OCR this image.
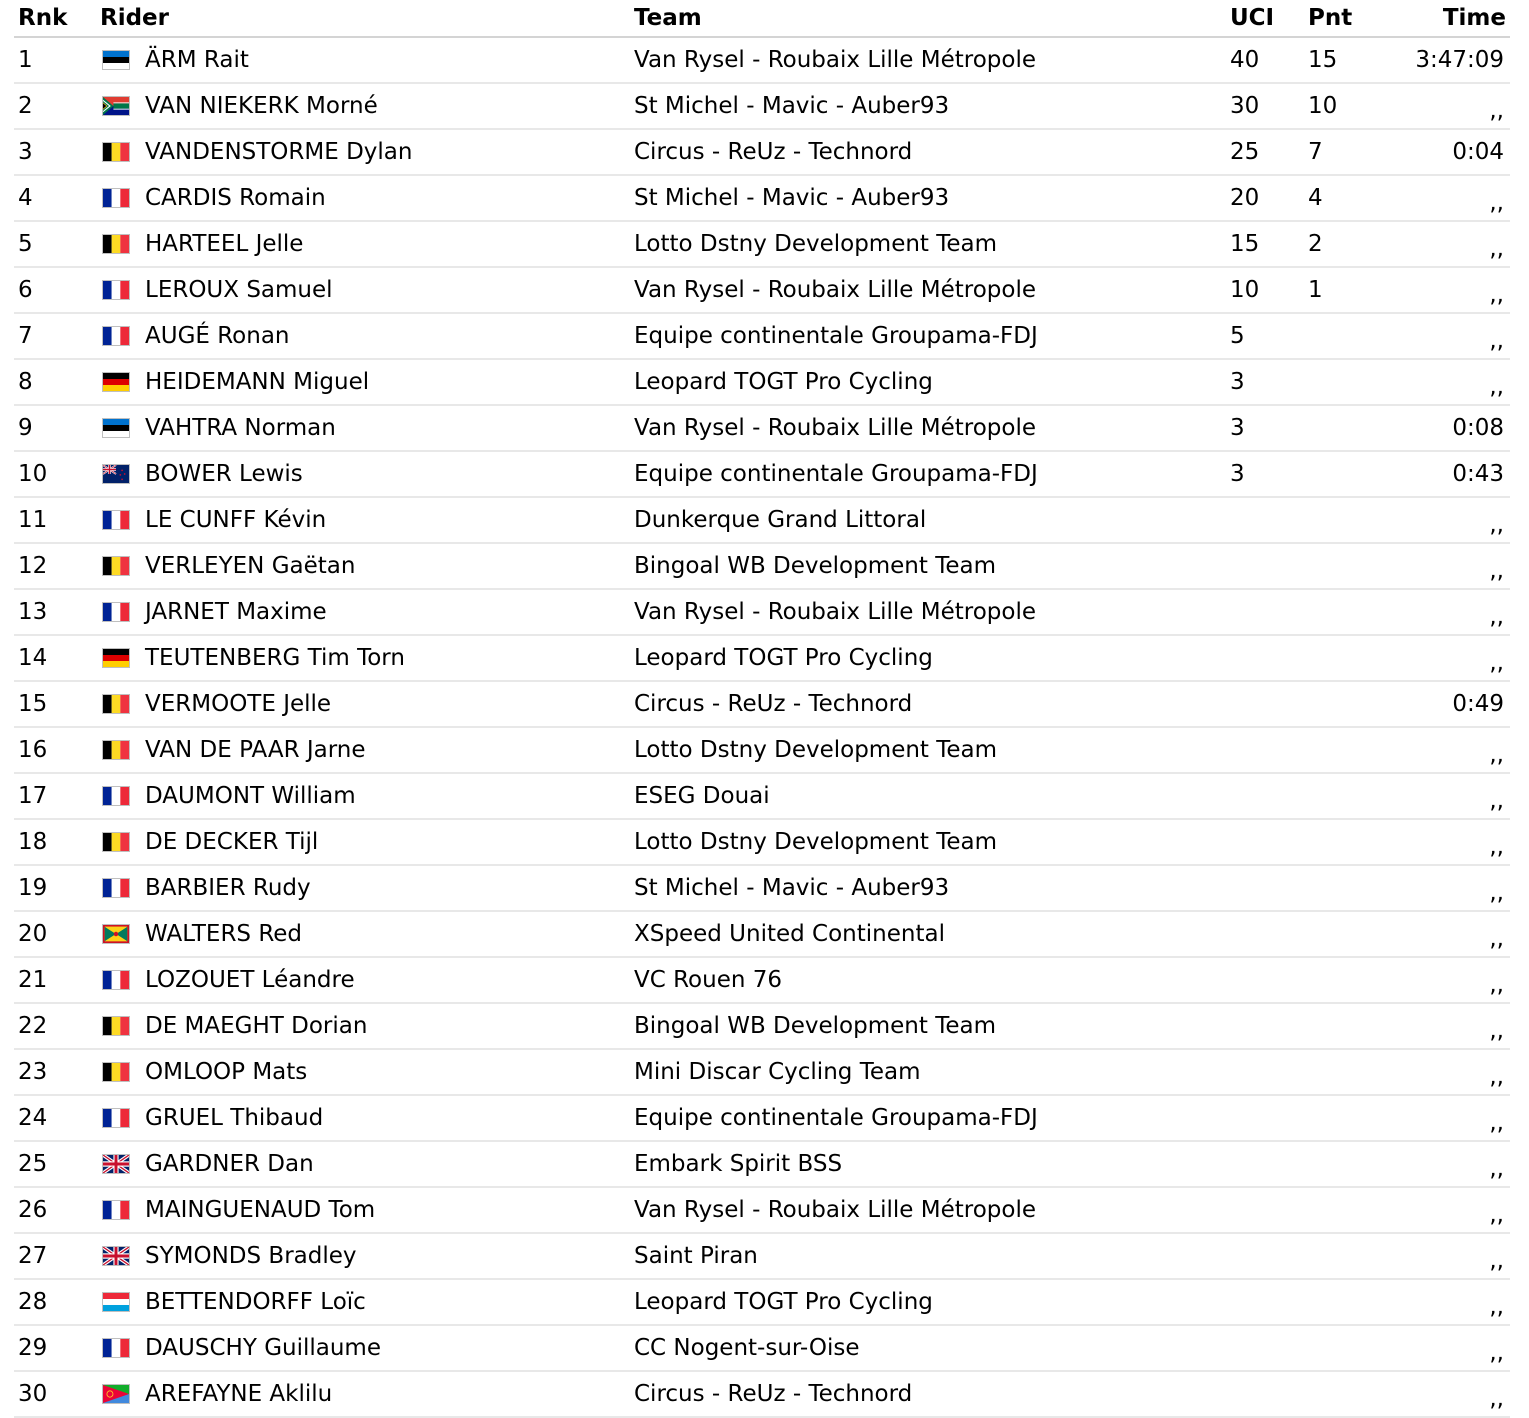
Rnk Rider	Team	UCI Pnt	Time
1	ÄRM Rait	Van Rysel - Roubaix Lille Métropole	40 15	3:47:09
2	VAN NIEKERK Morné	St Michel - Mavic - Auber93	30 10	,,
3	VANDENSTORME Dylan	Circus - ReUz - Technord	25 7	0:04
4	CARDIS Romain	St Michel - Mavic - Auber93	20 4	,,
5	HARTEEL Jelle	Lotto Dstny Development Team	15 2	,,
6	LEROUX Samuel	Van Rysel - Roubaix Lille Métropole	10 1	,,
7	AUGÉ Ronan	Equipe continentale Groupama-FDJ	5	,,
8	HEIDEMANN Miguel	Leopard TOGT Pro Cycling	3	,,
9	VAHTRA Norman	Van Rysel - Roubaix Lille Métropole	3	0:08
10	BOWER Lewis	Equipe continentale Groupama-FDJ	3	0:43
11	LE CUNFF Kévin	Dunkerque Grand Littoral	,,
12	VERLEYEN Gaëtan	Bingoal WB Development Team	,,
13	JARNET Maxime	Van Rysel - Roubaix Lille Métropole	,,
14	TEUTENBERG Tim Torn	Leopard TOGT Pro Cycling	,,
15	VERMOOTE Jelle	Circus - ReUz - Technord	0:49
16	VAN DE PAAR Jarne	Lotto Dstny Development Team	,,
17	DAUMONT William	ESEG Douai	,,
18	DE DECKER Tijl	Lotto Dstny Development Team	,,
19	BARBIER Rudy	St Michel - Mavic - Auber93	,,
20	WALTERS Red	XSpeed United Continental	,,
21	LOZOUET Léandre	VC Rouen 76	,,
22	DE MAEGHT Dorian	Bingoal WB Development Team	,,
23	OMLOOP Mats	Mini Discar Cycling Team	,,
24	GRUEL Thibaud	Equipe continentale Groupama-FDJ	,,
25	GARDNER Dan	Embark Spirit BSS	,,
26	MAINGUENAUD Tom	Van Rysel - Roubaix Lille Métropole	,,
27	SYMONDS Bradley	Saint Piran	,,
28	BETTENDORFF Loïc	Leopard TOGT Pro Cycling	,,
29	DAUSCHY Guillaume	CC Nogent-sur-Oise	,,
30	AREFAYNE Aklilu	Circus - ReUz - Technord	,,
